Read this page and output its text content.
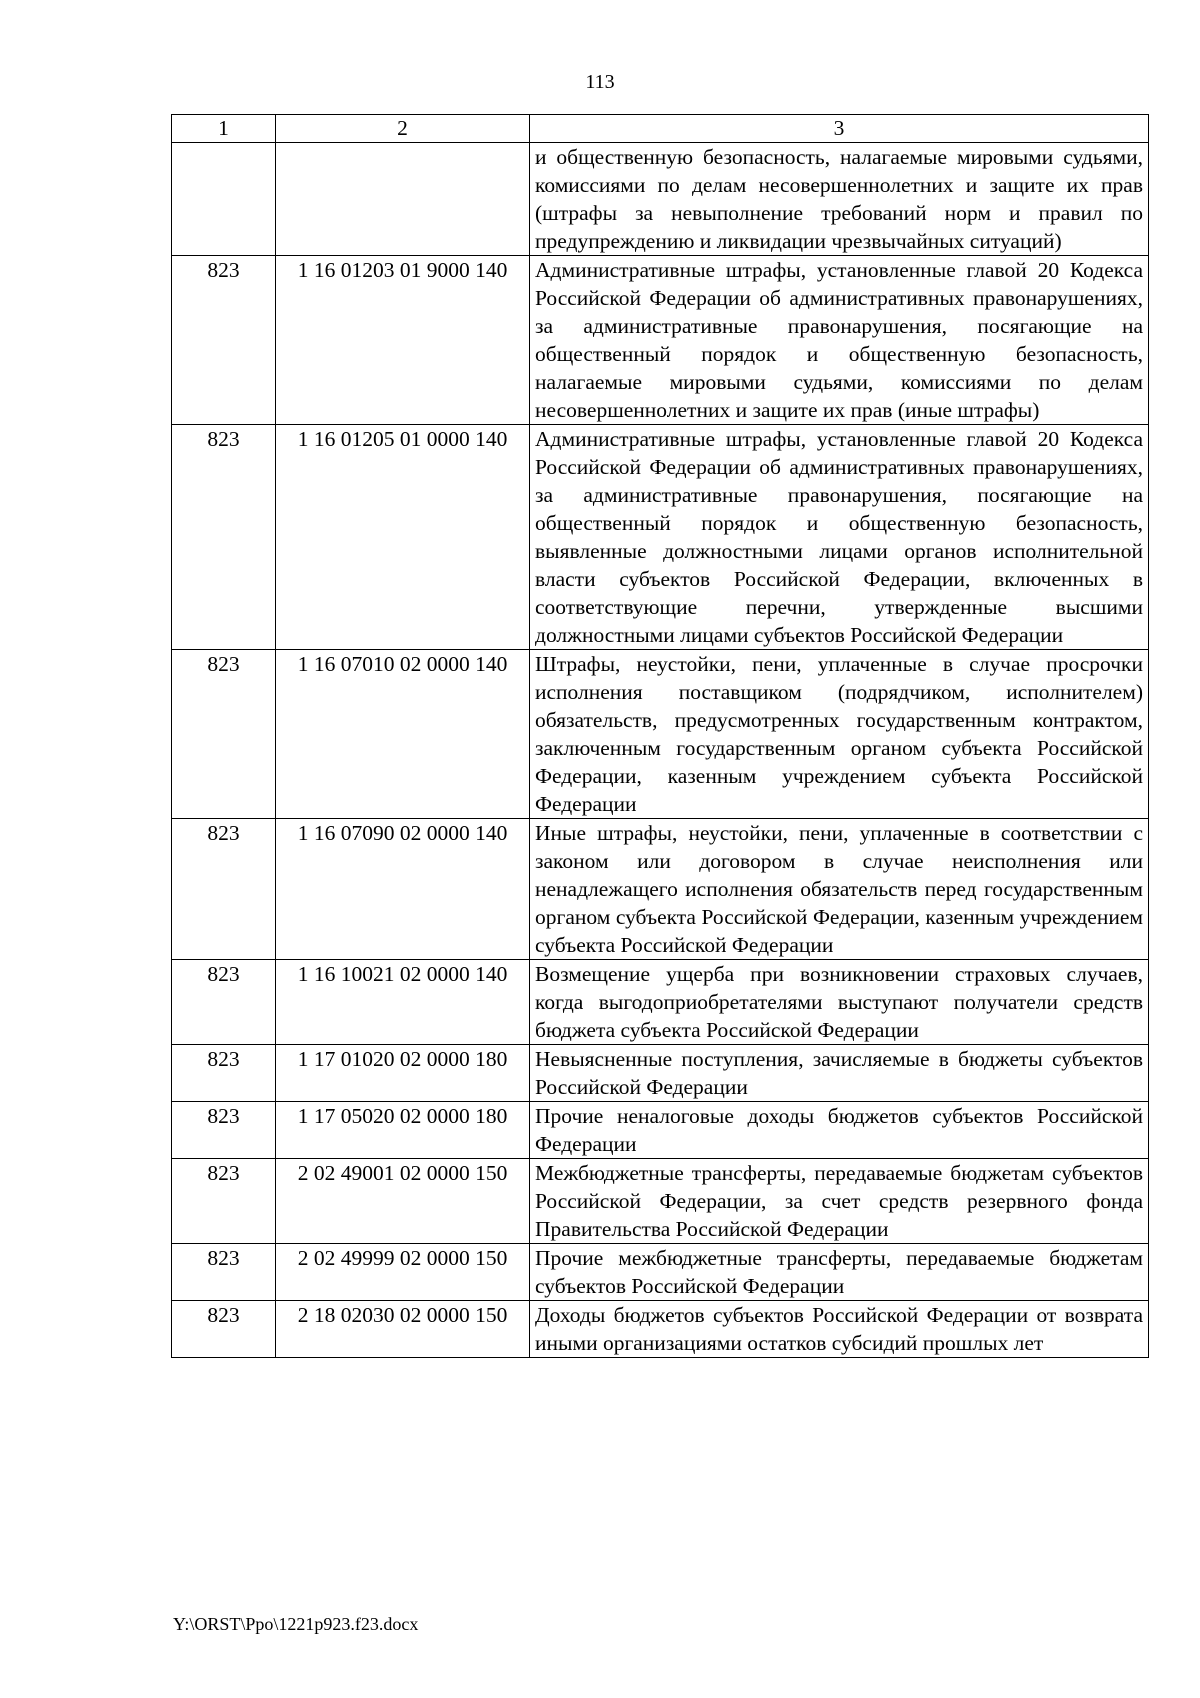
113
1	2	3
		и общественную безопасность, налагаемые мировыми судьями, комиссиями по делам несовершеннолетних и защите их прав (штрафы за невыполнение требований норм и правил по предупреждению и ликвидации чрезвычайных ситуаций)
823	1 16 01203 01 9000 140	Административные штрафы, установленные главой 20 Кодекса Российской Федерации об административных правонарушениях, за административные правонарушения, посягающие на общественный порядок и общественную безопасность, налагаемые мировыми судьями, комиссиями по делам несовершеннолетних и защите их прав (иные штрафы)
823	1 16 01205 01 0000 140	Административные штрафы, установленные главой 20 Кодекса Российской Федерации об административных правонарушениях, за административные правонарушения, посягающие на общественный порядок и общественную безопасность, выявленные должностными лицами органов исполнительной власти субъектов Российской Федерации, включенных в соответствующие перечни, утвержденные высшими должностными лицами субъектов Российской Федерации
823	1 16 07010 02 0000 140	Штрафы, неустойки, пени, уплаченные в случае просрочки исполнения поставщиком (подрядчиком, исполнителем) обязательств, предусмотренных государственным контрактом, заключенным государственным органом субъекта Российской Федерации, казенным учреждением субъекта Российской Федерации
823	1 16 07090 02 0000 140	Иные штрафы, неустойки, пени, уплаченные в соответствии с законом или договором в случае неисполнения или ненадлежащего исполнения обязательств перед государственным органом субъекта Российской Федерации, казенным учреждением субъекта Российской Федерации
823	1 16 10021 02 0000 140	Возмещение ущерба при возникновении страховых случаев, когда выгодоприобретателями выступают получатели средств бюджета субъекта Российской Федерации
823	1 17 01020 02 0000 180	Невыясненные поступления, зачисляемые в бюджеты субъектов Российской Федерации
823	1 17 05020 02 0000 180	Прочие неналоговые доходы бюджетов субъектов Российской Федерации
823	2 02 49001 02 0000 150	Межбюджетные трансферты, передаваемые бюджетам субъектов Российской Федерации, за счет средств резервного фонда Правительства Российской Федерации
823	2 02 49999 02 0000 150	Прочие межбюджетные трансферты, передаваемые бюджетам субъектов Российской Федерации
823	2 18 02030 02 0000 150	Доходы бюджетов субъектов Российской Федерации от возврата иными организациями остатков субсидий прошлых лет
Y:\ORST\Ppo\1221p923.f23.docx
